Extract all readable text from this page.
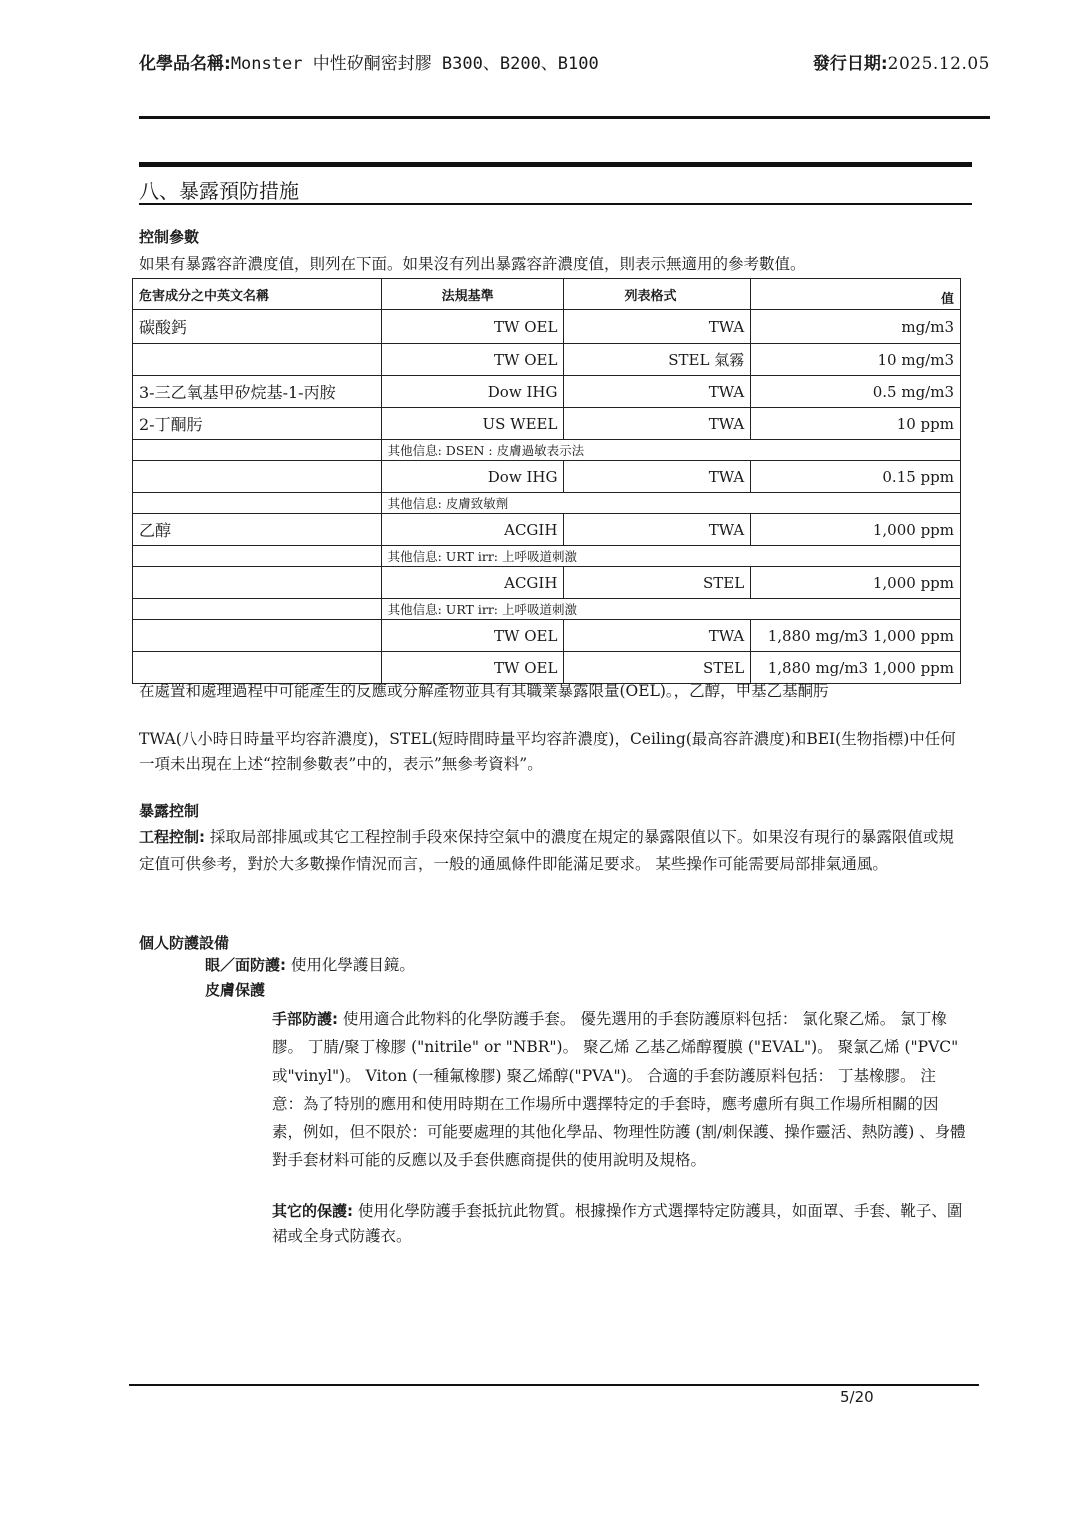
化學品名稱:Monster 中性矽酮密封膠 B300、B200、B100	發行日期:2025.12.05
八、暴露預防措施
控制參數
如果有暴露容許濃度值，則列在下面。如果沒有列出暴露容許濃度值，則表示無適用的參考數值。
危害成分之中英文名稱	法規基準	列表格式	值
碳酸鈣	TW OEL	TWA	mg/m3
	TW OEL	STEL 氣霧	10 mg/m3
3-三乙氧基甲矽烷基-1-丙胺	Dow IHG	TWA	0.5 mg/m3
2-丁酮肟	US WEEL	TWA	10 ppm
	其他信息: DSEN : 皮膚過敏表示法		
	Dow IHG	TWA	0.15 ppm
	其他信息: 皮膚致敏劑		
乙醇	ACGIH	TWA	1,000 ppm
	其他信息: URT irr: 上呼吸道刺激		
	ACGIH	STEL	1,000 ppm
	其他信息: URT irr: 上呼吸道刺激		
	TW OEL	TWA	1,880 mg/m3 1,000 ppm
	TW OEL	STEL	1,880 mg/m3 1,000 ppm
在處置和處理過程中可能產生的反應或分解產物並具有其職業暴露限量(OEL)。，乙醇，甲基乙基酮肟
TWA(八小時日時量平均容許濃度)，STEL(短時間時量平均容許濃度)，Ceiling(最高容許濃度)和BEI(生物指標)中任何一項未出現在上述“控制參數表”中的，表示”無參考資料”。
暴露控制
工程控制: 採取局部排風或其它工程控制手段來保持空氣中的濃度在規定的暴露限值以下。如果沒有現行的暴露限值或規定值可供參考，對於大多數操作情況而言，一般的通風條件即能滿足要求。 某些操作可能需要局部排氣通風。
個人防護設備
眼／面防護: 使用化學護目鏡。
皮膚保護
手部防護: 使用適合此物料的化學防護手套。 優先選用的手套防護原料包括： 氯化聚乙烯。 氯丁橡膠。 丁腈/聚丁橡膠 ("nitrile" or "NBR")。 聚乙烯 乙基乙烯醇覆膜 ("EVAL")。 聚氯乙烯 ("PVC" 或"vinyl")。 Viton (一種氟橡膠) 聚乙烯醇("PVA")。 合適的手套防護原料包括： 丁基橡膠。 注意：為了特別的應用和使用時期在工作場所中選擇特定的手套時，應考慮所有與工作場所相關的因素，例如，但不限於：可能要處理的其他化學品、物理性防護 (割/刺保護、操作靈活、熱防護) 、身體對手套材料可能的反應以及手套供應商提供的使用說明及規格。
其它的保護: 使用化學防護手套抵抗此物質。根據操作方式選擇特定防護具，如面罩、手套、靴子、圍裙或全身式防護衣。
5/20
